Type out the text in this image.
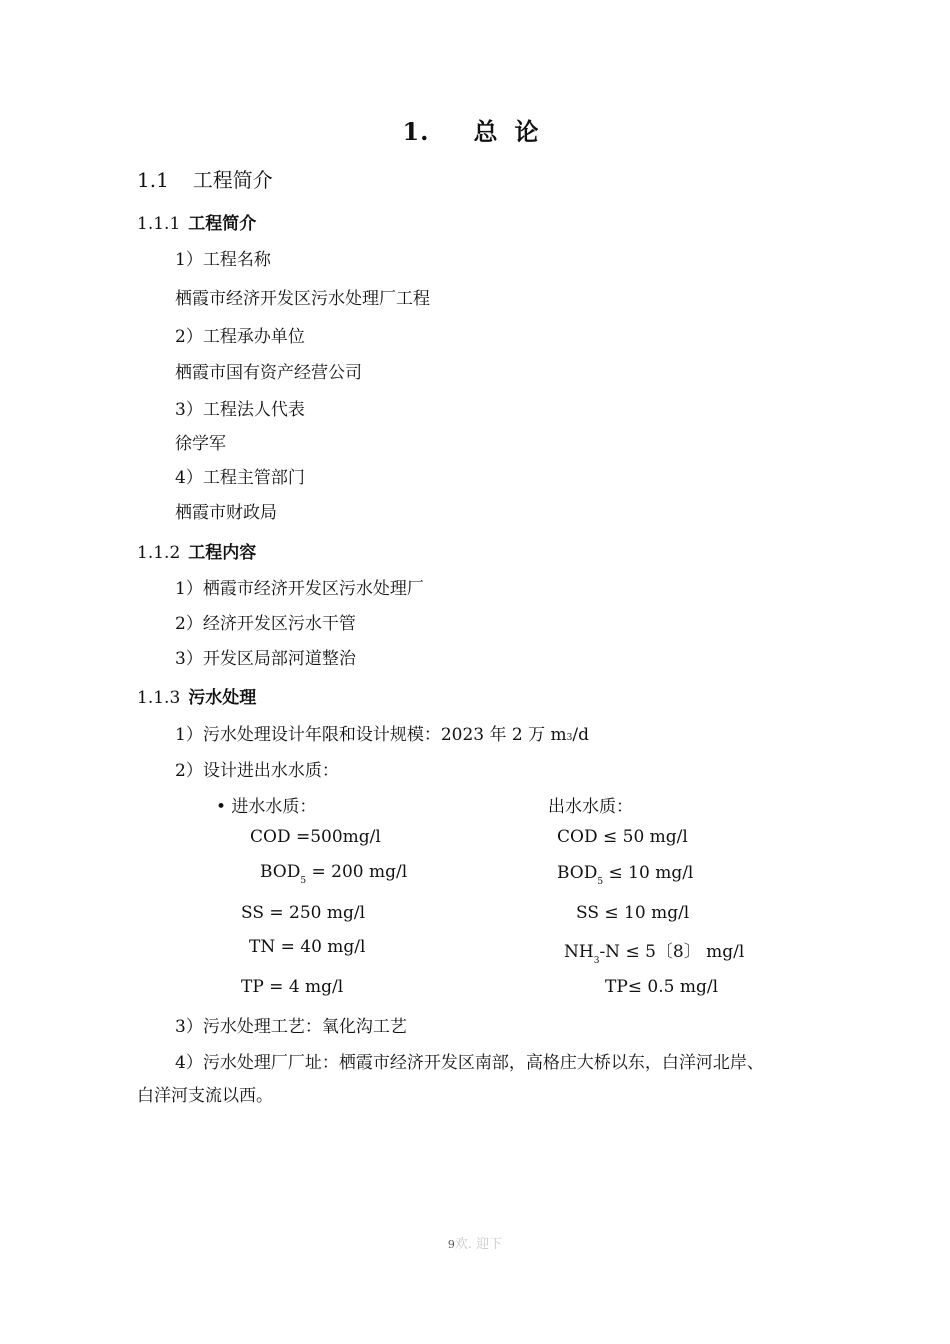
1. 总 论
1.1 工程简介
1.1.1 工程简介
1）工程名称
栖霞市经济开发区污水处理厂工程
2）工程承办单位
栖霞市国有资产经营公司
3）工程法人代表
徐学军
4）工程主管部门
栖霞市财政局
1.1.2 工程内容
1）栖霞市经济开发区污水处理厂
2）经济开发区污水干管
3）开发区局部河道整治
1.1.3 污水处理
1）污水处理设计年限和设计规模：2023 年 2 万 m3/d
2）设计进出水水质：
• 进水水质：	出水水质：
COD =500mg/l	COD ≤ 50 mg/l
$BOD_5 = 200$ mg/l	$BOD_5 \le 10$ mg/l
SS = 250 mg/l	SS ≤ 10 mg/l
TN = 40 mg/l	$NH_3-N \le 5$〔8〕 mg/l
TP = 4 mg/l	TP≤ 0.5 mg/l
3）污水处理工艺：氧化沟工艺
4）污水处理厂厂址：栖霞市经济开发区南部，高格庄大桥以东，白洋河北岸、
白洋河支流以西。
9欢. 迎下
